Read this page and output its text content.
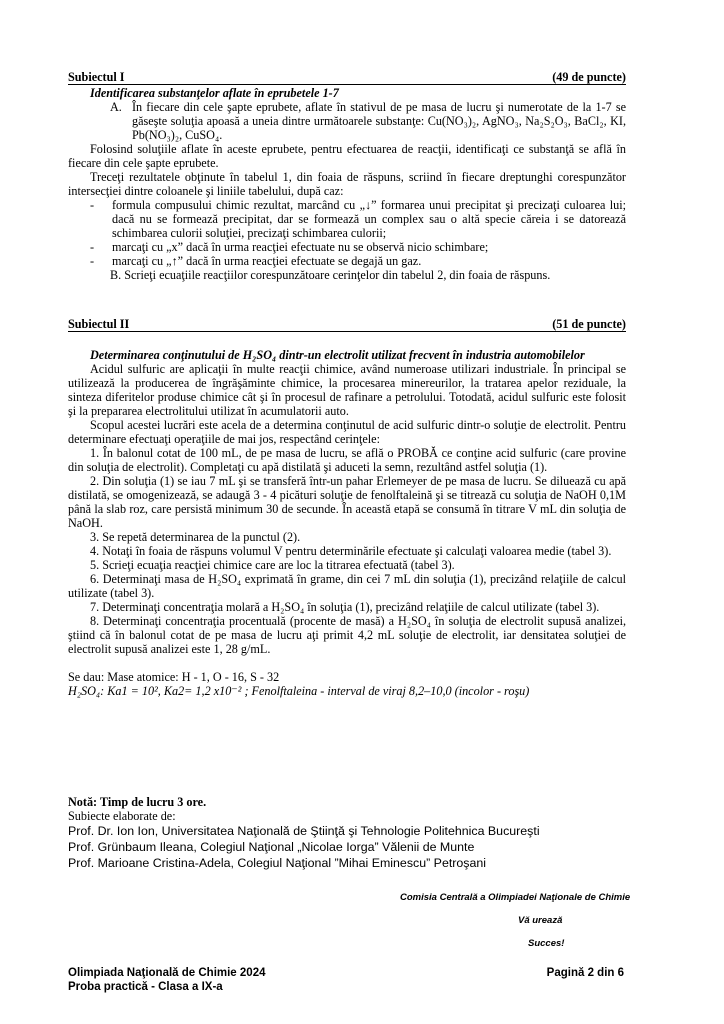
Subiectul I	(49 de puncte)

Identificarea substanţelor aflate în eprubetele 1-7

A. În fiecare din cele şapte eprubete, aflate în stativul de pe masa de lucru şi numerotate de la 1-7 se găseşte soluţia apoasă a uneia dintre următoarele substanţe: Cu(NO₃)₂, AgNO₃, Na₂S₂O₃, BaCl₂, KI, Pb(NO₃)₂, CuSO₄.

Folosind soluţiile aflate în aceste eprubete, pentru efectuarea de reacţii, identificaţi ce substanţă se află în fiecare din cele şapte eprubete.

Treceţi rezultatele obţinute în tabelul 1, din foaia de răspuns, scriind în fiecare dreptunghi corespunzător intersecţiei dintre coloanele şi liniile tabelului, după caz:

- formula compusului chimic rezultat, marcând cu „↓” formarea unui precipitat şi precizaţi culoarea lui; dacă nu se formează precipitat, dar se formează un complex sau o altă specie căreia i se datorează schimbarea culorii soluţiei, precizaţi schimbarea culorii;
- marcaţi cu „x” dacă în urma reacţiei efectuate nu se observă nicio schimbare;
- marcaţi cu „↑” dacă în urma reacţiei efectuate se degajă un gaz.

B. Scrieţi ecuaţiile reacţiilor corespunzătoare cerinţelor din tabelul 2, din foaia de răspuns.

Subiectul II	(51 de puncte)

Determinarea conţinutului de H₂SO₄ dintr-un electrolit utilizat frecvent în industria automobilelor

Acidul sulfuric are aplicaţii în multe reacţii chimice, având numeroase utilizari industriale. În principal se utilizează la producerea de îngrăşăminte chimice, la procesarea minereurilor, la tratarea apelor reziduale, la sinteza diferitelor produse chimice cât şi în procesul de rafinare a petrolului. Totodată, acidul sulfuric este folosit şi la prepararea electrolitului utilizat în acumulatorii auto.

Scopul acestei lucrări este acela de a determina conţinutul de acid sulfuric dintr-o soluţie de electrolit. Pentru determinare efectuaţi operaţiile de mai jos, respectând cerinţele:

1. În balonul cotat de 100 mL, de pe masa de lucru, se află o PROBĂ ce conţine acid sulfuric (care provine din soluţia de electrolit). Completaţi cu apă distilată şi aduceti la semn, rezultând astfel soluţia (1).

2. Din soluţia (1) se iau 7 mL şi se transferă într-un pahar Erlemeyer de pe masa de lucru. Se diluează cu apă distilată, se omogenizează, se adaugă 3 - 4 picături soluţie de fenolftaleină şi se titrează cu soluţia de NaOH 0,1M până la slab roz, care persistă minimum 30 de secunde. În această etapă se consumă în titrare V mL din soluţia de NaOH.

3. Se repetă determinarea de la punctul (2).

4. Notaţi în foaia de răspuns volumul V pentru determinările efectuate şi calculaţi valoarea medie (tabel 3).

5. Scrieţi ecuaţia reacţiei chimice care are loc la titrarea efectuată (tabel 3).

6. Determinaţi masa de H₂SO₄ exprimată în grame, din cei 7 mL din soluţia (1), precizând relaţiile de calcul utilizate (tabel 3).

7. Determinaţi concentraţia molară a H₂SO₄ în soluţia (1), precizând relaţiile de calcul utilizate (tabel 3).

8. Determinaţi concentraţia procentuală (procente de masă) a H₂SO₄ în soluţia de electrolit supusă analizei, ştiind că în balonul cotat de pe masa de lucru aţi primit 4,2 mL soluţie de electrolit, iar densitatea soluţiei de electrolit supusă analizei este 1, 28 g/mL.

Se dau: Mase atomice: H - 1, O - 16, S - 32

H₂SO₄: Ka1 = 10², Ka2= 1,2 x10⁻² ; Fenolftaleina - interval de viraj 8,2–10,0 (incolor - roşu)

Notă: Timp de lucru 3 ore.

Subiecte elaborate de:

Prof. Dr. Ion Ion, Universitatea Naţională de Ştiinţă şi Tehnologie Politehnica Bucureşti

Prof. Grünbaum Ileana, Colegiul Naţional „Nicolae Iorga” Vălenii de Munte

Prof. Marioane Cristina-Adela, Colegiul Naţional ”Mihai Eminescu” Petroşani

Comisia Centrală a Olimpiadei Naţionale de Chimie
Vă urează
Succes!
Olimpiada Naţională de Chimie 2024
Proba practică - Clasa a IX-a
Pagină 2 din 6
